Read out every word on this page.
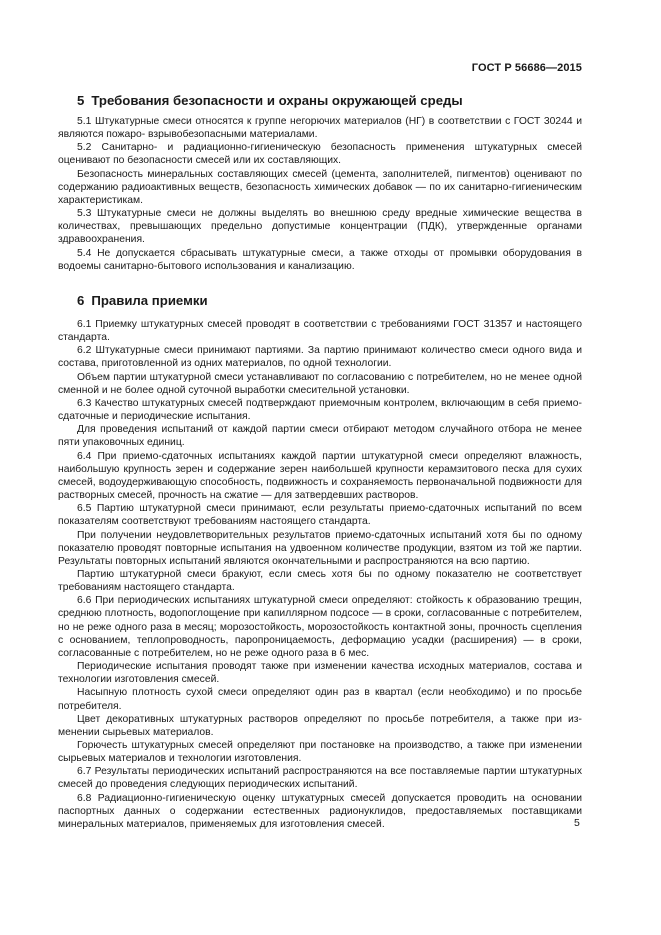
ГОСТ Р 56686—2015
5 Требования безопасности и охраны окружающей среды

5.1 Штукатурные смеси относятся к группе негорючих материалов (НГ) в соответствии с ГОСТ 30244 и являются пожаро- взрывобезопасными материалами.

5.2 Санитарно- и радиационно-гигиеническую безопасность применения штукатурных смесей оценивают по безопасности смесей или их составляющих.

Безопасность минеральных составляющих смесей (цемента, заполнителей, пигментов) оценивают по содержанию радиоактивных веществ, безопасность химических добавок — по их санитарно-гигиеническим характеристикам.

5.3 Штукатурные смеси не должны выделять во внешнюю среду вредные химические вещества в количествах, превышающих предельно допустимые концентрации (ПДК), утвержденные органами здравоохранения.

5.4 Не допускается сбрасывать штукатурные смеси, а также отходы от промывки оборудования в водоемы санитарно-бытового использования и канализацию.

6 Правила приемки

6.1 Приемку штукатурных смесей проводят в соответствии с требованиями ГОСТ 31357 и настоящего стандарта.

6.2 Штукатурные смеси принимают партиями. За партию принимают количество смеси одного вида и состава, приготовленной из одних материалов, по одной технологии.

Объем партии штукатурной смеси устанавливают по согласованию с потребителем, но не менее одной сменной и не более одной суточной выработки смесительной установки.

6.3 Качество штукатурных смесей подтверждают приемочным контролем, включающим в себя приемо-сдаточные и периодические испытания.

Для проведения испытаний от каждой партии смеси отбирают методом случайного отбора не менее пяти упаковочных единиц.

6.4 При приемо-сдаточных испытаниях каждой партии штукатурной смеси определяют влажность, наибольшую крупность зерен и содержание зерен наибольшей крупности керамзитового песка для сухих смесей, водоудерживающую способность, подвижность и сохраняемость первоначальной подвижности для растворных смесей, прочность на сжатие — для затвердевших растворов.

6.5 Партию штукатурной смеси принимают, если результаты приемо-сдаточных испытаний по всем показателям соответствуют требованиям настоящего стандарта.

При получении неудовлетворительных результатов приемо-сдаточных испытаний хотя бы по одному показателю проводят повторные испытания на удвоенном количестве продукции, взятом из той же партии. Результаты повторных испытаний являются окончательными и распространяются на всю партию.

Партию штукатурной смеси бракуют, если смесь хотя бы по одному показателю не соответствует требованиям настоящего стандарта.

6.6 При периодических испытаниях штукатурной смеси определяют: стойкость к образованию трещин, среднюю плотность, водопоглощение при капиллярном подсосе — в сроки, согласованные с потребителем, но не реже одного раза в месяц; морозостойкость, морозостойкость контактной зоны, прочность сцепления с основанием, теплопроводность, паропроницаемость, деформацию усадки (расширения) — в сроки, согласованные с потребителем, но не реже одного раза в 6 мес.

Периодические испытания проводят также при изменении качества исходных материалов, состава и технологии изготовления смесей.

Насыпную плотность сухой смеси определяют один раз в квартал (если необходимо) и по просьбе потребителя.

Цвет декоративных штукатурных растворов определяют по просьбе потребителя, а также при изменении сырьевых материалов.

Горючесть штукатурных смесей определяют при постановке на производство, а также при изменении сырьевых материалов и технологии изготовления.

6.7 Результаты периодических испытаний распространяются на все поставляемые партии штукатурных смесей до проведения следующих периодических испытаний.

6.8 Радиационно-гигиеническую оценку штукатурных смесей допускается проводить на основании паспортных данных о содержании естественных радионуклидов, предоставляемых поставщиками минеральных материалов, применяемых для изготовления смесей.	5
